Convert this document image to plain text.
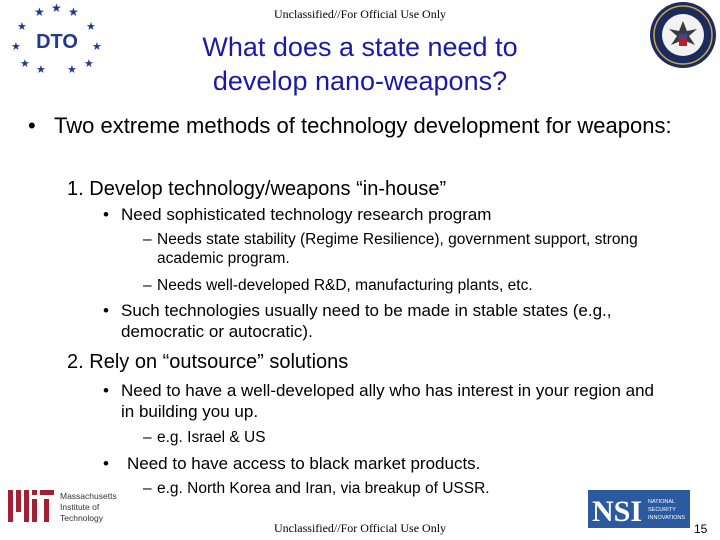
Unclassified//For Official Use Only
★ ★ ★
★	★
★	★
★	★
★ ★
DTO	What does a state need to
develop nano-weapons?
• Two extreme methods of technology development for weapons:
1. Develop technology/weapons “in-house”
• Need sophisticated technology research program
– Needs state stability (Regime Resilience), government support, strong academic program.
– Needs well-developed R&D, manufacturing plants, etc.
• Such technologies usually need to be made in stable states (e.g., democratic or autocratic).
2. Rely on “outsource” solutions
• Need to have a well-developed ally who has interest in your region and in building you up.
– e.g. Israel & US
• Need to have access to black market products.
– e.g. North Korea and Iran, via breakup of USSR.
Massachusetts
Institute of
Technology
Unclassified//For Official Use Only	NSI NATIONAL
SECURITY
INNOVATIONS
15
